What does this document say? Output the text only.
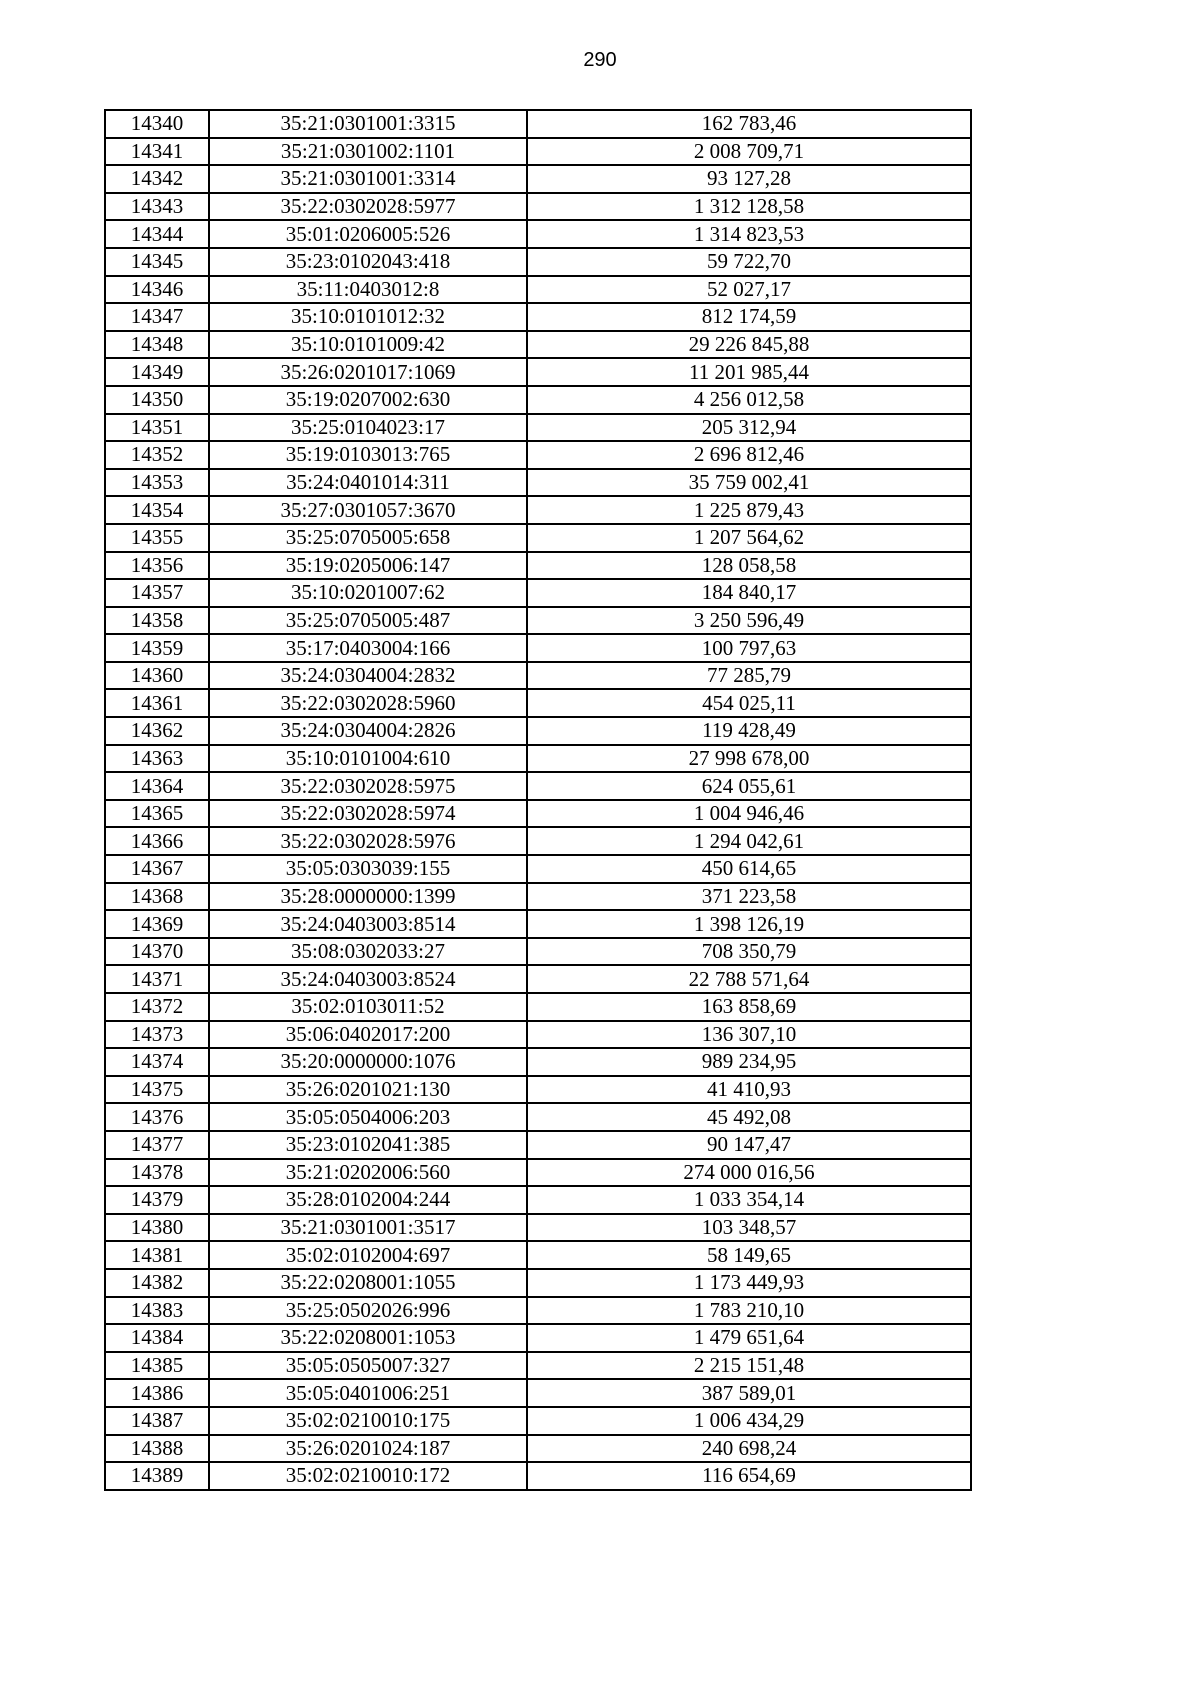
290
14340	35:21:0301001:3315	162 783,46
14341	35:21:0301002:1101	2 008 709,71
14342	35:21:0301001:3314	93 127,28
14343	35:22:0302028:5977	1 312 128,58
14344	35:01:0206005:526	1 314 823,53
14345	35:23:0102043:418	59 722,70
14346	35:11:0403012:8	52 027,17
14347	35:10:0101012:32	812 174,59
14348	35:10:0101009:42	29 226 845,88
14349	35:26:0201017:1069	11 201 985,44
14350	35:19:0207002:630	4 256 012,58
14351	35:25:0104023:17	205 312,94
14352	35:19:0103013:765	2 696 812,46
14353	35:24:0401014:311	35 759 002,41
14354	35:27:0301057:3670	1 225 879,43
14355	35:25:0705005:658	1 207 564,62
14356	35:19:0205006:147	128 058,58
14357	35:10:0201007:62	184 840,17
14358	35:25:0705005:487	3 250 596,49
14359	35:17:0403004:166	100 797,63
14360	35:24:0304004:2832	77 285,79
14361	35:22:0302028:5960	454 025,11
14362	35:24:0304004:2826	119 428,49
14363	35:10:0101004:610	27 998 678,00
14364	35:22:0302028:5975	624 055,61
14365	35:22:0302028:5974	1 004 946,46
14366	35:22:0302028:5976	1 294 042,61
14367	35:05:0303039:155	450 614,65
14368	35:28:0000000:1399	371 223,58
14369	35:24:0403003:8514	1 398 126,19
14370	35:08:0302033:27	708 350,79
14371	35:24:0403003:8524	22 788 571,64
14372	35:02:0103011:52	163 858,69
14373	35:06:0402017:200	136 307,10
14374	35:20:0000000:1076	989 234,95
14375	35:26:0201021:130	41 410,93
14376	35:05:0504006:203	45 492,08
14377	35:23:0102041:385	90 147,47
14378	35:21:0202006:560	274 000 016,56
14379	35:28:0102004:244	1 033 354,14
14380	35:21:0301001:3517	103 348,57
14381	35:02:0102004:697	58 149,65
14382	35:22:0208001:1055	1 173 449,93
14383	35:25:0502026:996	1 783 210,10
14384	35:22:0208001:1053	1 479 651,64
14385	35:05:0505007:327	2 215 151,48
14386	35:05:0401006:251	387 589,01
14387	35:02:0210010:175	1 006 434,29
14388	35:26:0201024:187	240 698,24
14389	35:02:0210010:172	116 654,69
